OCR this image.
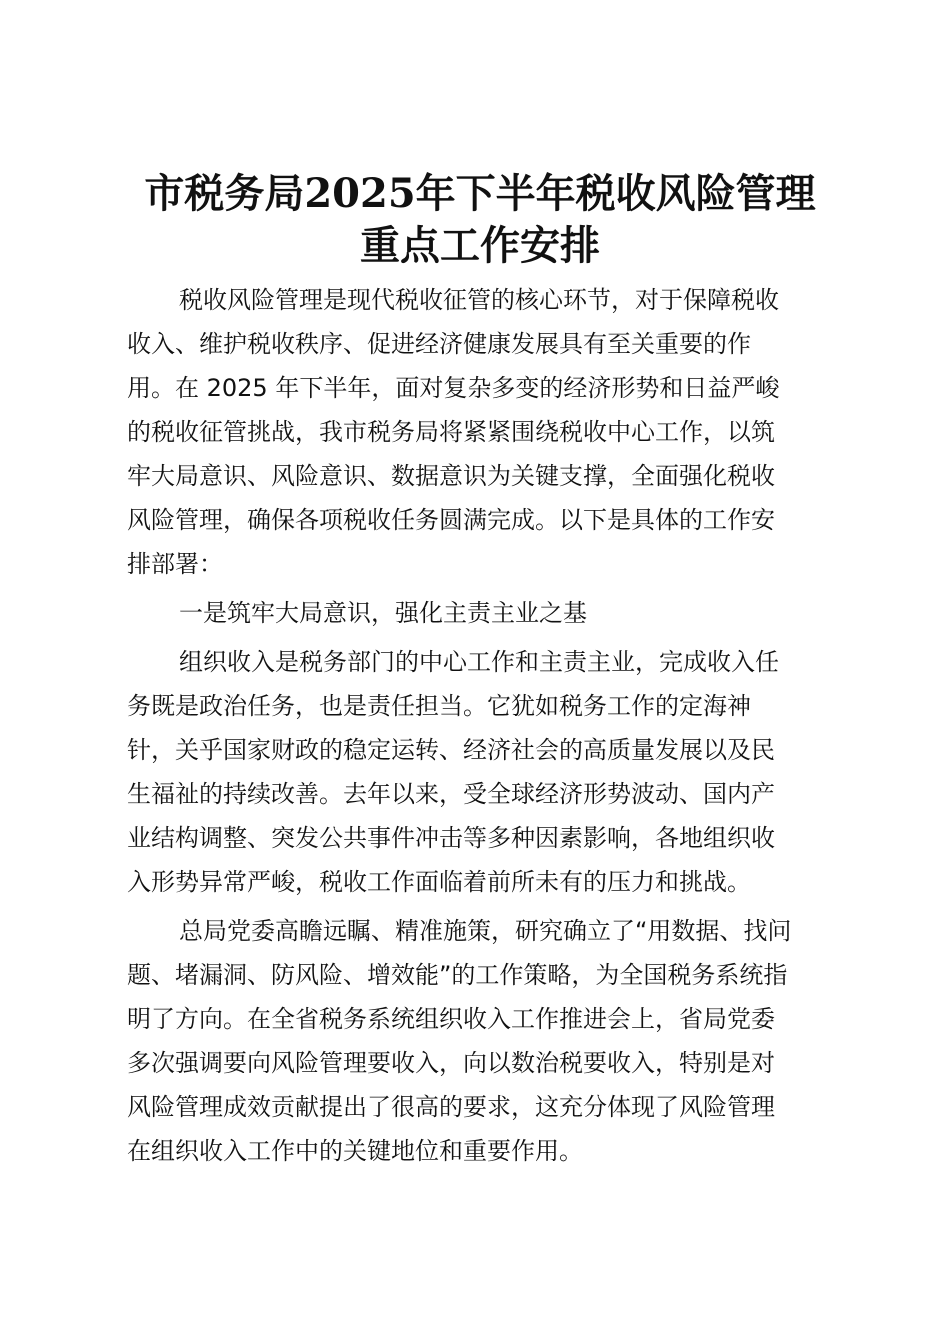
市税务局2025年下半年税收风险管理
重点工作安排
税收风险管理是现代税收征管的核心环节，对于保障税收
收入、维护税收秩序、促进经济健康发展具有至关重要的作
用。在 2025 年下半年，面对复杂多变的经济形势和日益严峻
的税收征管挑战，我市税务局将紧紧围绕税收中心工作，以筑
牢大局意识、风险意识、数据意识为关键支撑，全面强化税收
风险管理，确保各项税收任务圆满完成。以下是具体的工作安
排部署：
一是筑牢大局意识，强化主责主业之基
组织收入是税务部门的中心工作和主责主业，完成收入任
务既是政治任务，也是责任担当。它犹如税务工作的定海神
针，关乎国家财政的稳定运转、经济社会的高质量发展以及民
生福祉的持续改善。去年以来，受全球经济形势波动、国内产
业结构调整、突发公共事件冲击等多种因素影响，各地组织收
入形势异常严峻，税收工作面临着前所未有的压力和挑战。
总局党委高瞻远瞩、精准施策，研究确立了“用数据、找问
题、堵漏洞、防风险、增效能”的工作策略，为全国税务系统指
明了方向。在全省税务系统组织收入工作推进会上，省局党委
多次强调要向风险管理要收入，向以数治税要收入，特别是对
风险管理成效贡献提出了很高的要求，这充分体现了风险管理
在组织收入工作中的关键地位和重要作用。
